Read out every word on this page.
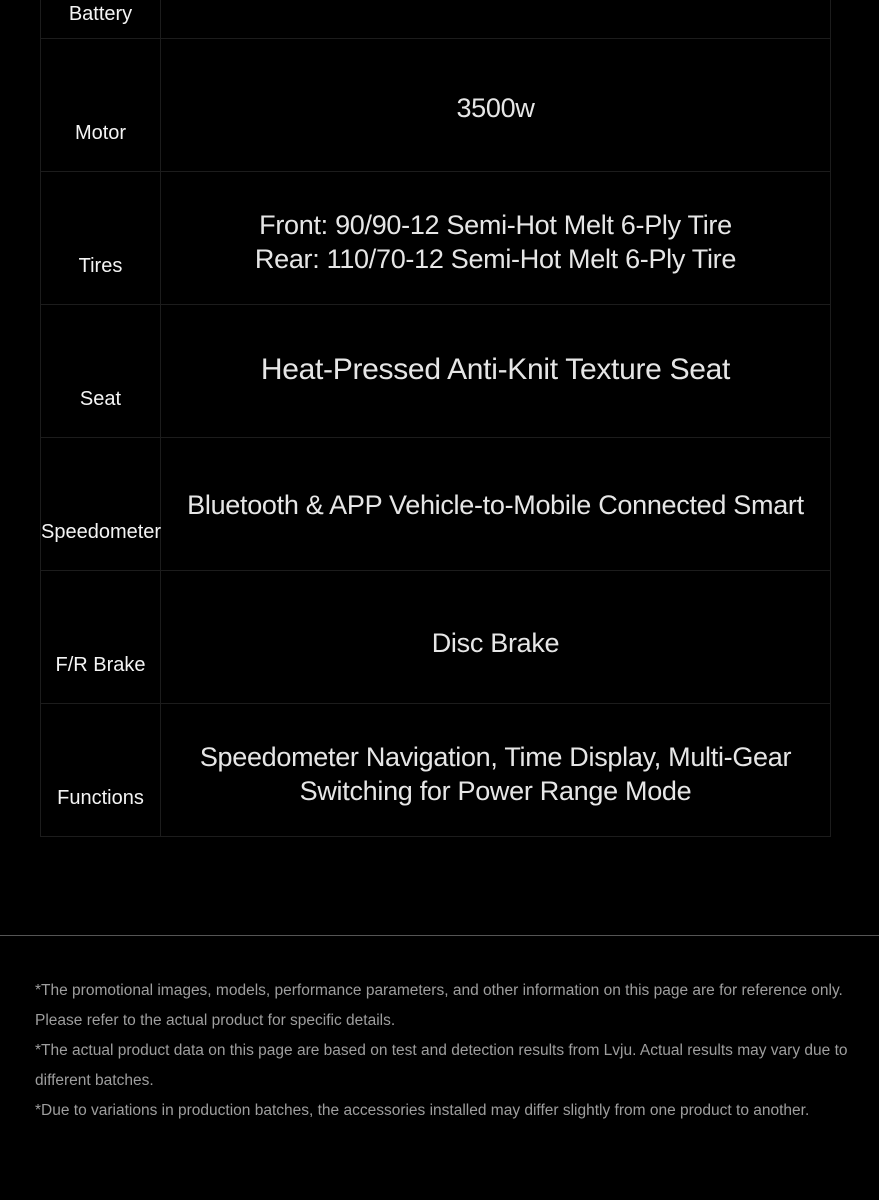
Battery	

Motor	3500w

Tires	Front: 90/90-12 Semi-Hot Melt 6-Ply Tire
Rear: 110/70-12 Semi-Hot Melt 6-Ply Tire

Seat	Heat-Pressed Anti-Knit Texture Seat

Speedometer	Bluetooth & APP Vehicle-to-Mobile Connected Smart

F/R Brake	Disc Brake

Functions	Speedometer Navigation, Time Display, Multi-Gear
Switching for Power Range Mode

*The promotional images, models, performance parameters, and other information on this page are for reference only. Please refer to the actual product for specific details.

*The actual product data on this page are based on test and detection results from Lvju. Actual results may vary due to different batches.

*Due to variations in production batches, the accessories installed may differ slightly from one product to another.
